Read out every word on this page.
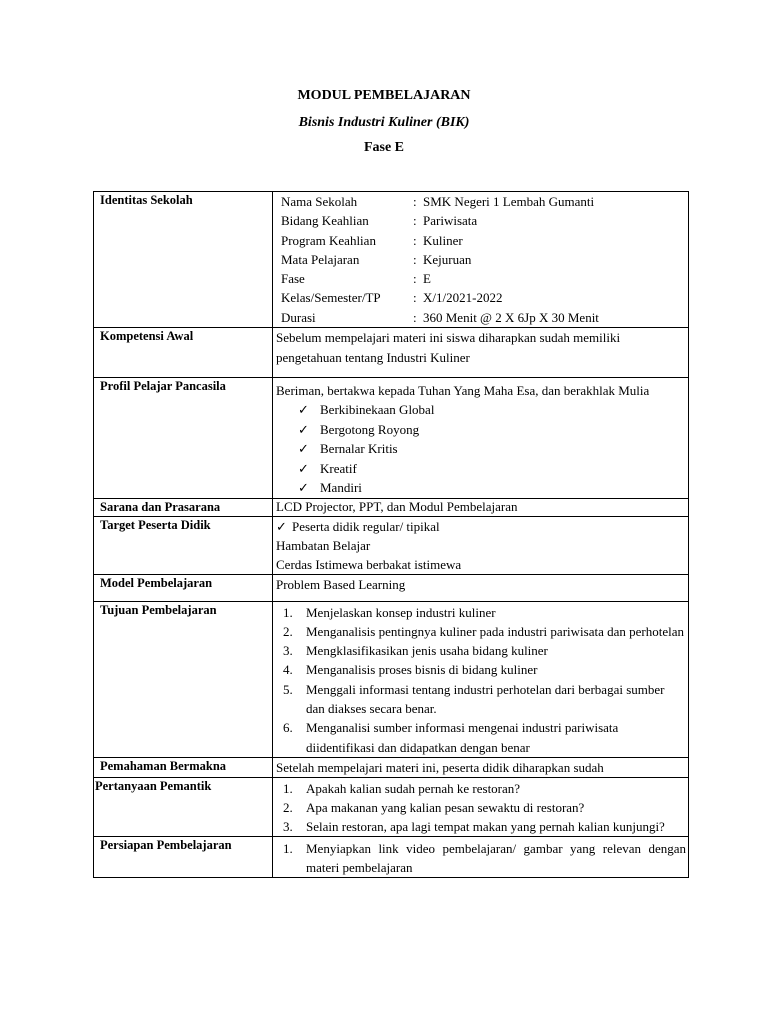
MODUL PEMBELAJARAN
Bisnis Industri Kuliner (BIK)
Fase E
Identitas Sekolah		Nama Sekolah	:	SMK Negeri 1 Lembah Gumanti
Bidang Keahlian	:	Pariwisata
Program Keahlian	:	Kuliner
Mata Pelajaran	:	Kejuruan
Fase	:	E
Kelas/Semester/TP	:	X/1/2021-2022
Durasi	:	360 Menit @ 2 X 6Jp X 30 Menit

Kompetensi Awal	Sebelum mempelajari materi ini siswa diharapkan sudah memiliki pengetahuan tentang Industri Kuliner
Profil Pelajar Pancasila	Beriman, bertakwa kepada Tuhan Yang Maha Esa, dan berakhlak Mulia
✓ Berkibinekaan Global
✓ Bergotong Royong
✓ Bernalar Kritis
✓ Kreatif
✓ Mandiri

Sarana dan Prasarana	LCD Projector, PPT, dan Modul Pembelajaran
Target Peserta Didik	✓ Peserta didik regular/ tipikal
Hambatan Belajar
Cerdas Istimewa berbakat istimewa

Model Pembelajaran	Problem Based Learning
Tujuan Pembelajaran	1. Menjelaskan konsep industri kuliner
2. Menganalisis pentingnya kuliner pada industri pariwisata dan perhotelan
3. Mengklasifikasikan jenis usaha bidang kuliner
4. Menganalisis proses bisnis di bidang kuliner
5. Menggali informasi tentang industri perhotelan dari berbagai sumber dan diakses secara benar.
6. Menganalisi sumber informasi mengenai industri pariwisata diidentifikasi dan didapatkan dengan benar

Pemahaman Bermakna	Setelah mempelajari materi ini, peserta didik diharapkan sudah
Pertanyaan Pemantik	1. Apakah kalian sudah pernah ke restoran?
2. Apa makanan yang kalian pesan sewaktu di restoran?
3. Selain restoran, apa lagi tempat makan yang pernah kalian kunjungi?

Persiapan Pembelajaran	1. Menyiapkan link video pembelajaran/ gambar yang relevan dengan materi pembelajaran
